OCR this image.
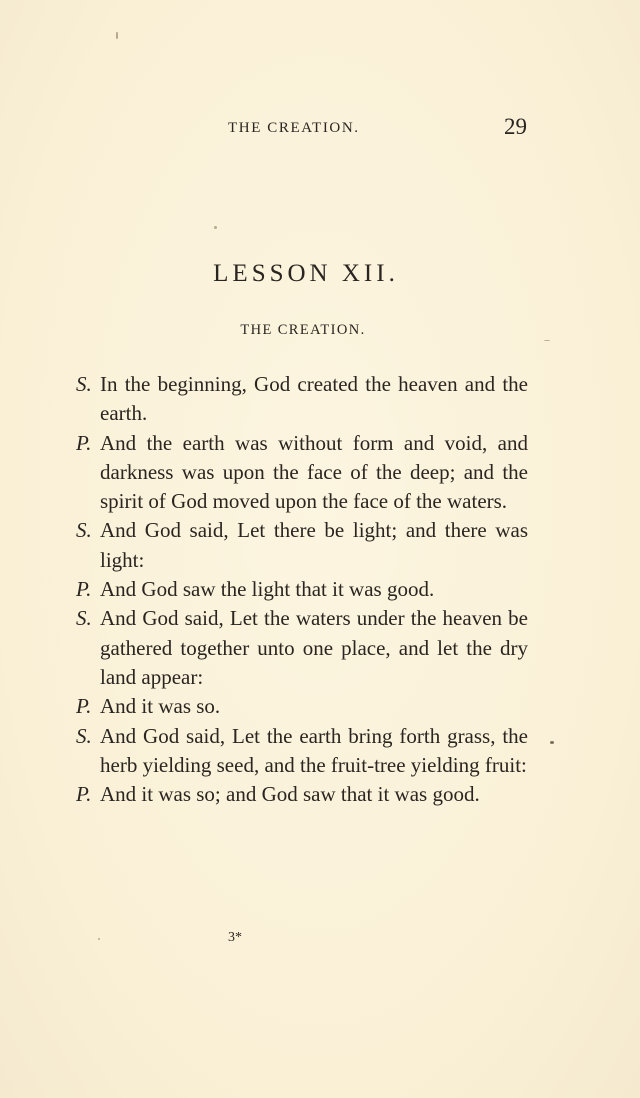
THE CREATION.	29
LESSON XII.
THE CREATION.
S. In the beginning, God created the heaven and the earth.
P. And the earth was without form and void, and darkness was upon the face of the deep; and the spirit of God moved upon the face of the waters.
S. And God said, Let there be light; and there was light:
P. And God saw the light that it was good.
S. And God said, Let the waters under the heaven be gathered together unto one place, and let the dry land appear:
P. And it was so.
S. And God said, Let the earth bring forth grass, the herb yielding seed, and the fruit-tree yielding fruit:
P. And it was so; and God saw that it was good.
3*
